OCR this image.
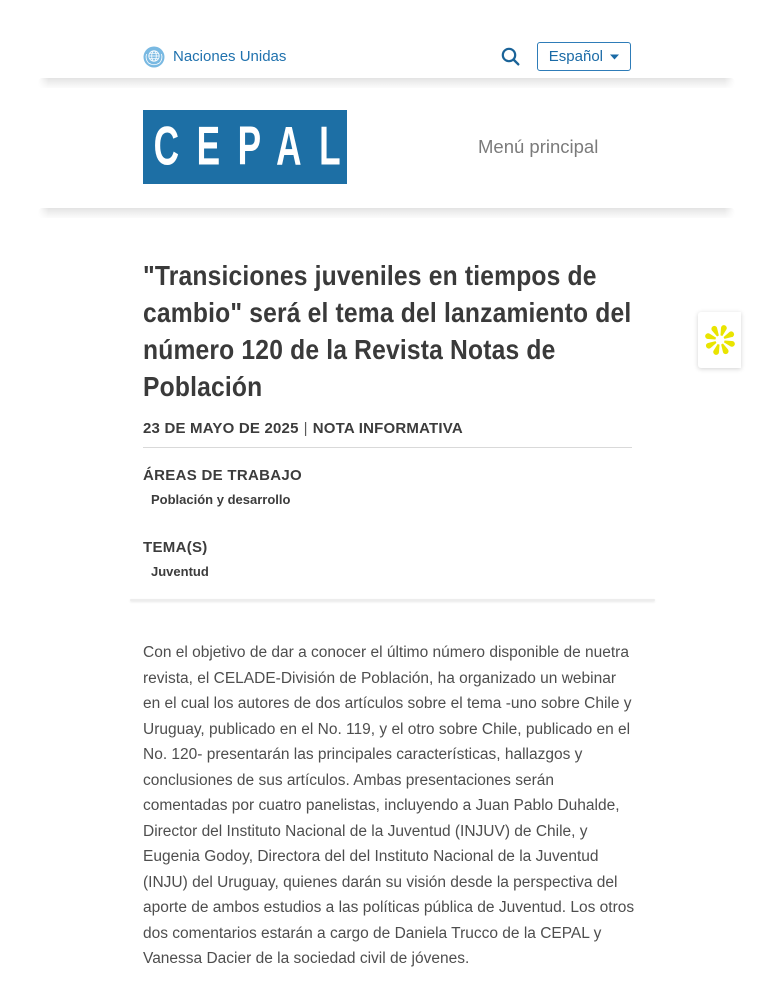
Naciones Unidas	Español
CEPAL	Menú principal
"Transiciones juveniles en tiempos de cambio" será el tema del lanzamiento del número 120 de la Revista Notas de Población
23 DE MAYO DE 2025 | NOTA INFORMATIVA
ÁREAS DE TRABAJO
Población y desarrollo
TEMA(S)
Juventud

Con el objetivo de dar a conocer el último número disponible de nuetra revista, el CELADE-División de Población, ha organizado un webinar en el cual los autores de dos artículos sobre el tema -uno sobre Chile y Uruguay, publicado en el No. 119, y el otro sobre Chile, publicado en el No. 120- presentarán las principales características, hallazgos y conclusiones de sus artículos. Ambas presentaciones serán comentadas por cuatro panelistas, incluyendo a Juan Pablo Duhalde, Director del Instituto Nacional de la Juventud (INJUV) de Chile, y Eugenia Godoy, Directora del del Instituto Nacional de la Juventud (INJU) del Uruguay, quienes darán su visión desde la perspectiva del aporte de ambos estudios a las políticas pública de Juventud. Los otros dos comentarios estarán a cargo de Daniela Trucco de la CEPAL y Vanessa Dacier de la sociedad civil de jóvenes.
